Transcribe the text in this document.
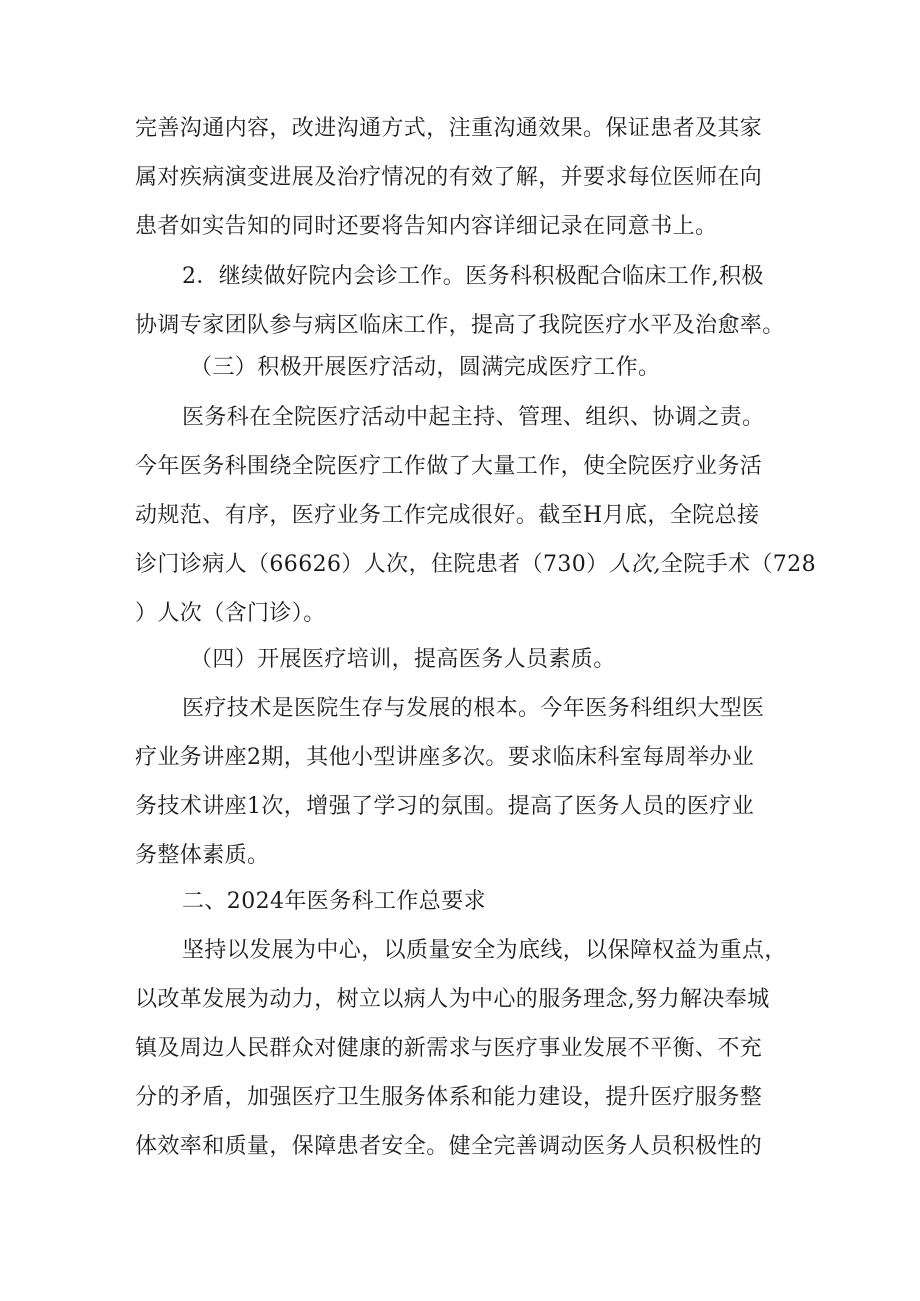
完善沟通内容，改进沟通方式，注重沟通效果。保证患者及其家
属对疾病演变进展及治疗情况的有效了解，并要求每位医师在向
患者如实告知的同时还要将告知内容详细记录在同意书上。
2．继续做好院内会诊工作。医务科积极配合临床工作,积极
协调专家团队参与病区临床工作，提高了我院医疗水平及治愈率。
（三）积极开展医疗活动，圆满完成医疗工作。
医务科在全院医疗活动中起主持、管理、组织、协调之责。
今年医务科围绕全院医疗工作做了大量工作，使全院医疗业务活
动规范、有序，医疗业务工作完成很好。截至H月底，全院总接
诊门诊病人（66626）人次，住院患者（730）人次,全院手术（728
）人次（含门诊）。
（四）开展医疗培训，提高医务人员素质。
医疗技术是医院生存与发展的根本。今年医务科组织大型医
疗业务讲座2期，其他小型讲座多次。要求临床科室每周举办业
务技术讲座1次，增强了学习的氛围。提高了医务人员的医疗业
务整体素质。
二、2024年医务科工作总要求
坚持以发展为中心，以质量安全为底线，以保障权益为重点，
以改革发展为动力，树立以病人为中心的服务理念,努力解决奉城
镇及周边人民群众对健康的新需求与医疗事业发展不平衡、不充
分的矛盾，加强医疗卫生服务体系和能力建设，提升医疗服务整
体效率和质量，保障患者安全。健全完善调动医务人员积极性的
